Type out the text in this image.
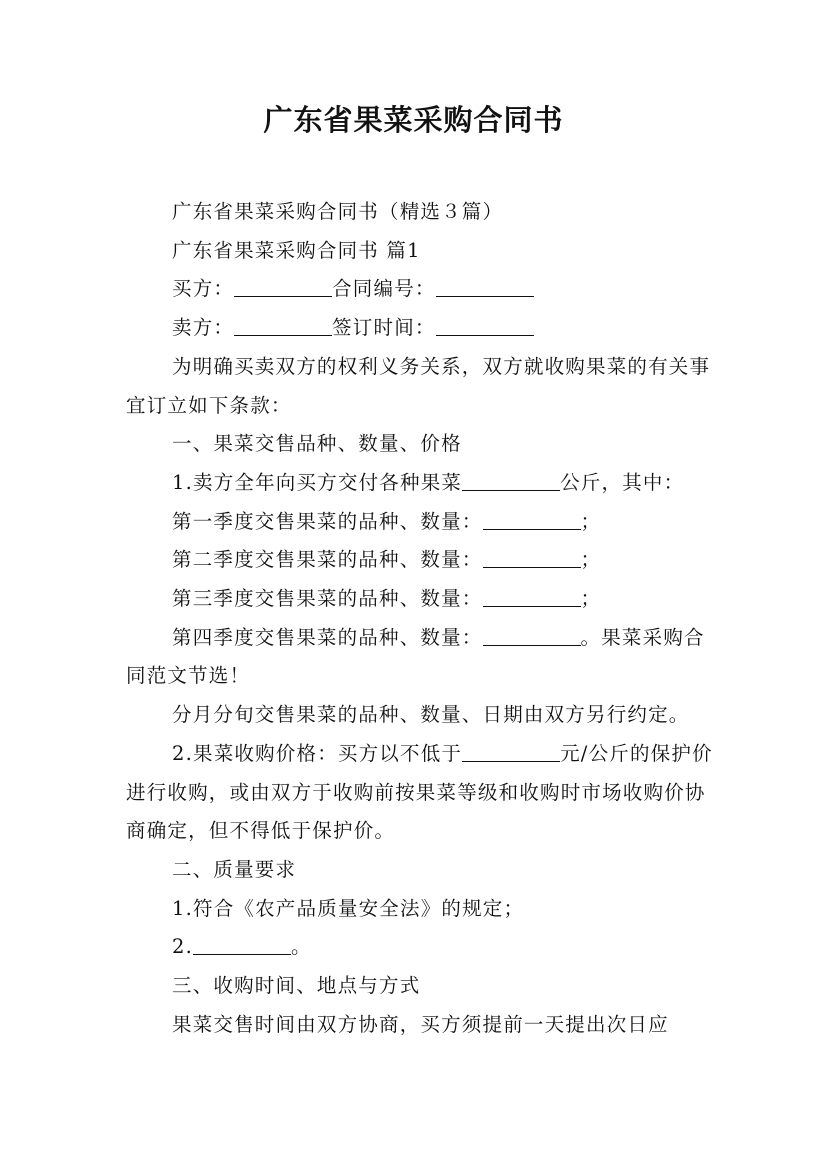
广东省果菜采购合同书

广东省果菜采购合同书（精选３篇）

广东省果菜采购合同书 篇1

买方：	合同编号：

卖方：	签订时间：

为明确买卖双方的权利义务关系，双方就收购果菜的有关事宜订立如下条款：

一、果菜交售品种、数量、价格

1.卖方全年向买方交付各种果菜	公斤，其中：

第一季度交售果菜的品种、数量：	；

第二季度交售果菜的品种、数量：	；

第三季度交售果菜的品种、数量：	；

第四季度交售果菜的品种、数量：	。果菜采购合同范文节选！

分月分旬交售果菜的品种、数量、日期由双方另行约定。

2.果菜收购价格：买方以不低于	元/公斤的保护价进行收购，或由双方于收购前按果菜等级和收购时市场收购价协商确定，但不得低于保护价。

二、质量要求

1.符合《农产品质量安全法》的规定；

2.	。

三、收购时间、地点与方式

果菜交售时间由双方协商，买方须提前一天提出次日应
